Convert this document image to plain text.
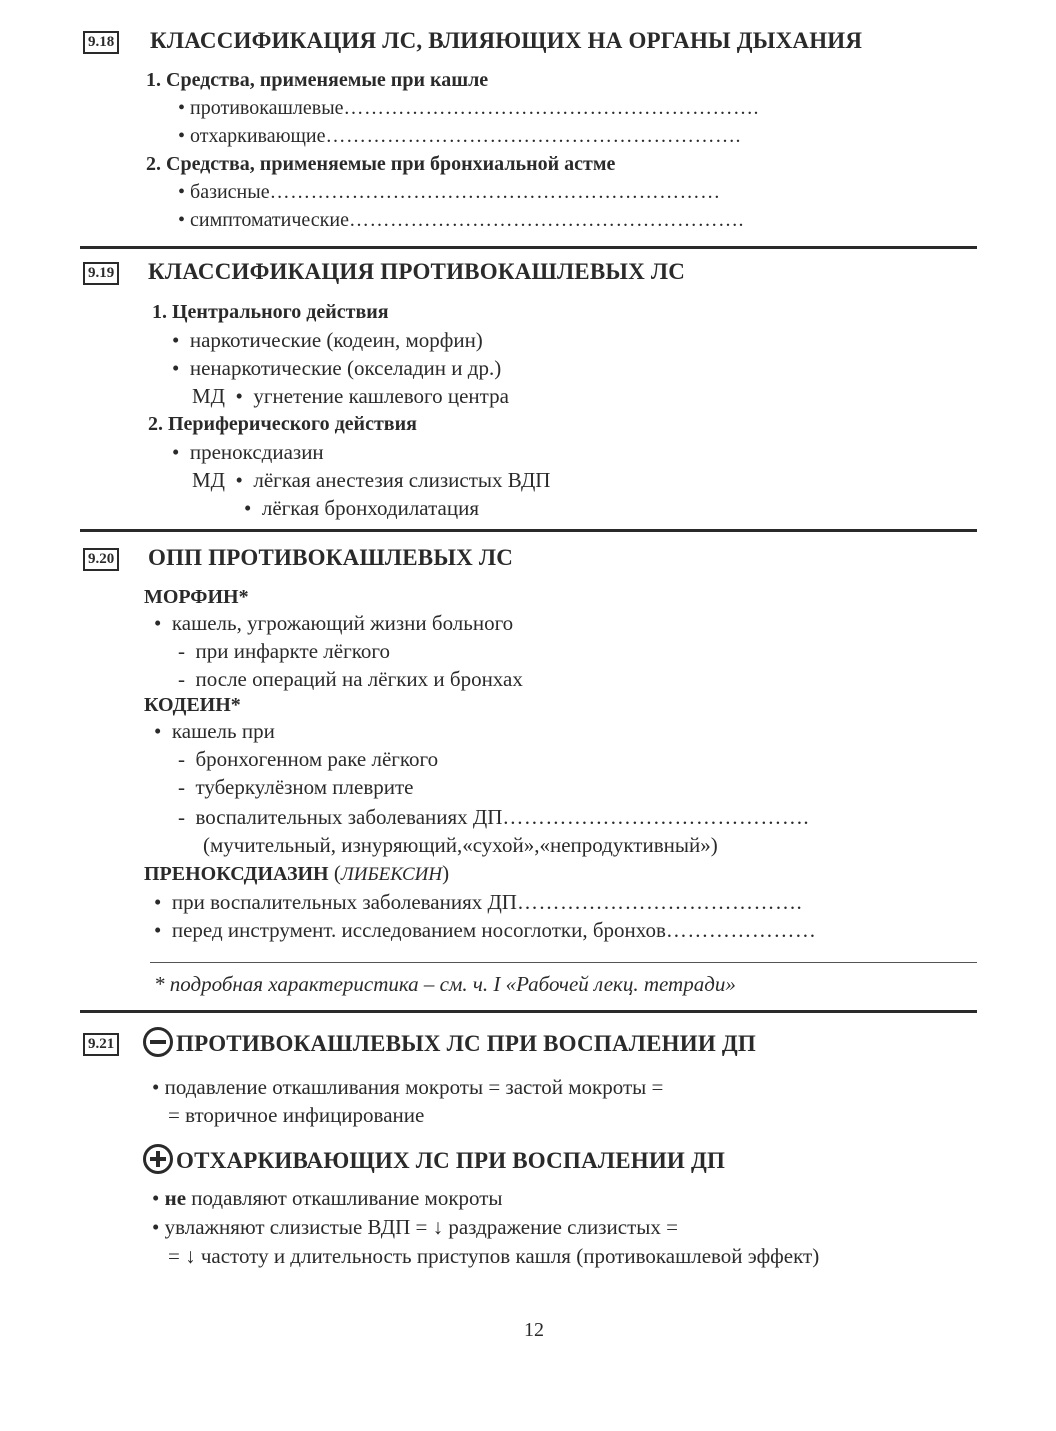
9.18 КЛАССИФИКАЦИЯ ЛС, ВЛИЯЮЩИХ НА ОРГАНЫ ДЫХАНИЯ
1. Средства, применяемые при кашле
• противокашлевые…………………………………………………….
• отхаркивающие…………………………………………………….
2. Средства, применяемые при бронхиальной астме
• базисные…………………………………………………………
• симптоматические………………………………………………….
9.19 КЛАССИФИКАЦИЯ ПРОТИВОКАШЛЕВЫХ ЛС
1. Центрального действия
•  наркотические (кодеин, морфин)
•  ненаркотические (окселадин и др.)
МД  •  угнетение кашлевого центра
2. Периферического действия
•  преноксдиазин
МД  •  лёгкая анестезия слизистых ВДП
•  лёгкая бронходилатация
9.20 ОПП ПРОТИВОКАШЛЕВЫХ ЛС
МОРФИН*
•  кашель, угрожающий жизни больного
-  при инфаркте лёгкого
-  после операций на лёгких и бронхах
КОДЕИН*
•  кашель при
-  бронхогенном раке лёгкого
-  туберкулёзном плеврите
-  воспалительных заболеваниях ДП…………………………………….
(мучительный, изнуряющий,«сухой»,«непродуктивный»)
ПРЕНОКСДИАЗИН (ЛИБЕКСИН)
•  при воспалительных заболеваниях ДП………………………………….
•  перед инструмент. исследованием носоглотки, бронхов…………………
* подробная характеристика – см. ч. I «Рабочей лекц. тетради»
9.21	ПРОТИВОКАШЛЕВЫХ ЛС ПРИ ВОСПАЛЕНИИ ДП
• подавление откашливания мокроты = застой мокроты =
= вторичное инфицирование
ОТХАРКИВАЮЩИХ ЛС ПРИ ВОСПАЛЕНИИ ДП
• не подавляют откашливание мокроты
• увлажняют слизистые ВДП = ↓ раздражение слизистых =
= ↓ частоту и длительность приступов кашля (противокашлевой эффект)
12
